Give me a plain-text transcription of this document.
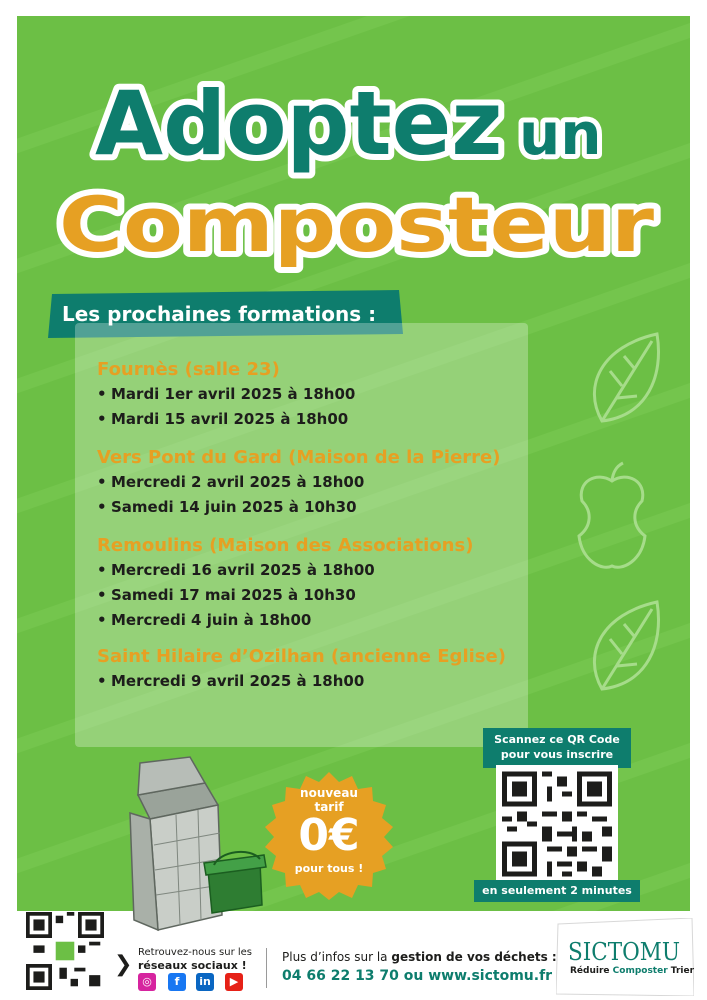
Adoptez un
Composteur
Les prochaines formations :
Fournès (salle 23)
• Mardi 1er avril 2025 à 18h00
• Mardi 15 avril 2025 à 18h00
Vers Pont du Gard (Maison de la Pierre)
• Mercredi 2 avril 2025 à 18h00
• Samedi 14 juin 2025 à 10h30
Remoulins (Maison des Associations)
• Mercredi 16 avril 2025 à 18h00
• Samedi 17 mai 2025 à 10h30
• Mercredi 4 juin à 18h00
Saint Hilaire d’Ozilhan (ancienne Eglise)
• Mercredi 9 avril 2025 à 18h00
nouveau
tarif
0€
pour tous !
Scannez ce QR Code
pour vous inscrire
en seulement 2 minutes
❯ Retrouvez-nous sur les
réseaux sociaux !
◎	f	in	▶
Plus d’infos sur la gestion de vos déchets :
04 66 22 13 70 ou www.sictomu.fr
SICTOMU
Réduire Composter Trier
